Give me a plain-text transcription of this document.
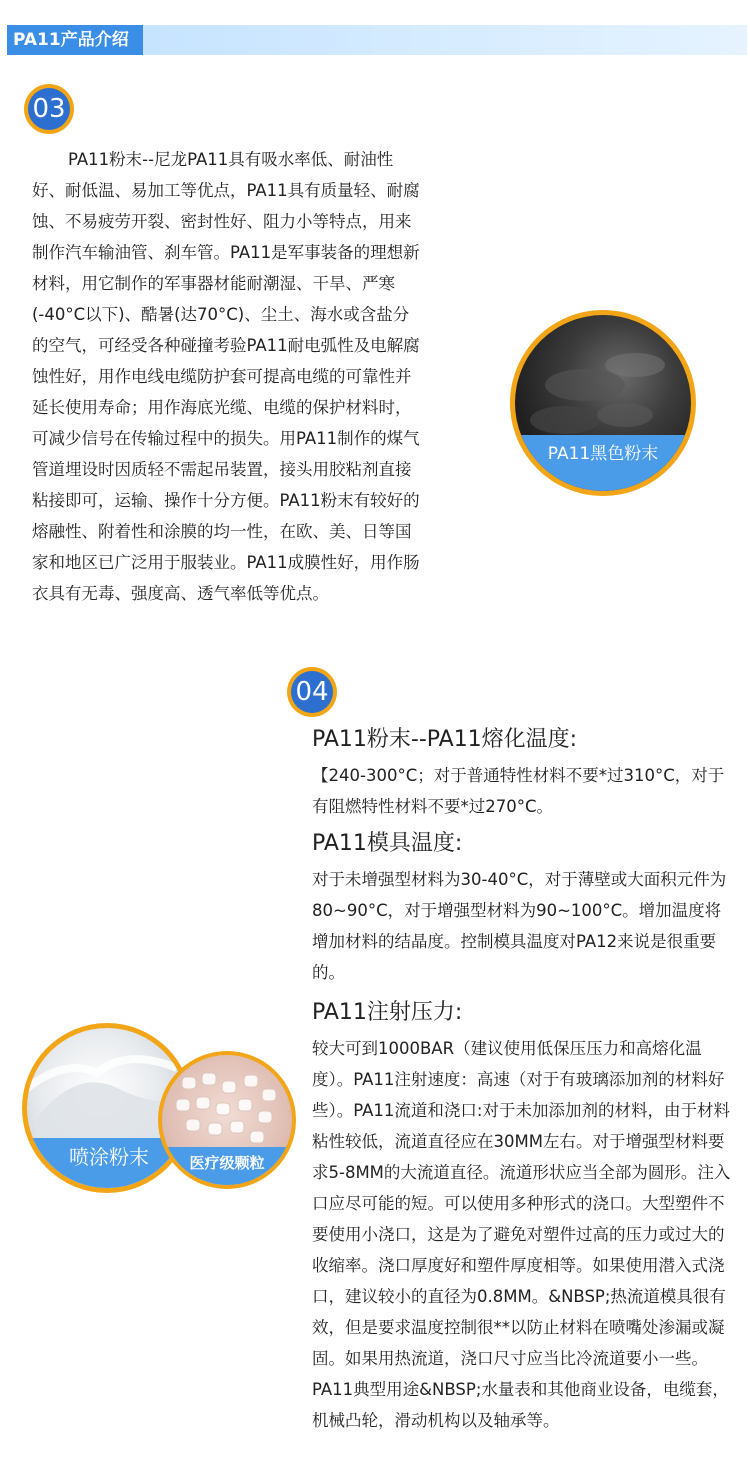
PA11产品介绍
03

PA11粉末--尼龙PA11具有吸水率低、耐油性好、耐低温、易加工等优点，PA11具有质量轻、耐腐蚀、不易疲劳开裂、密封性好、阻力小等特点，用来制作汽车输油管、刹车管。PA11是军事装备的理想新材料，用它制作的军事器材能耐潮湿、干旱、严寒(-40°C以下)、酷暑(达70°C)、尘土、海水或含盐分的空气，可经受各种碰撞考验PA11耐电弧性及电解腐蚀性好，用作电线电缆防护套可提高电缆的可靠性并延长使用寿命；用作海底光缆、电缆的保护材料时，可减少信号在传输过程中的损失。用PA11制作的煤气管道埋设时因质轻不需起吊装置，接头用胶粘剂直接粘接即可，运输、操作十分方便。PA11粉末有较好的熔融性、附着性和涂膜的均一性，在欧、美、日等国家和地区已广泛用于服装业。PA11成膜性好，用作肠衣具有无毒、强度高、透气率低等优点。

PA11黑色粉末
04
PA11粉末--PA11熔化温度:
【240-300°C；对于普通特性材料不要*过310°C，对于有阻燃特性材料不要*过270°C。
PA11模具温度:
对于未增强型材料为30-40°C，对于薄壁或大面积元件为80~90°C，对于增强型材料为90~100°C。增加温度将增加材料的结晶度。控制模具温度对PA12来说是很重要的。
PA11注射压力:
较大可到1000BAR（建议使用低保压压力和高熔化温度）。PA11注射速度：高速（对于有玻璃添加剂的材料好些）。PA11流道和浇口:对于未加添加剂的材料，由于材料粘性较低，流道直径应在30MM左右。对于增强型材料要求5-8MM的大流道直径。流道形状应当全部为圆形。注入口应尽可能的短。可以使用多种形式的浇口。大型塑件不要使用小浇口，这是为了避免对塑件过高的压力或过大的收缩率。浇口厚度好和塑件厚度相等。如果使用潜入式浇口，建议较小的直径为0.8MM。&NBSP;热流道模具很有效，但是要求温度控制很**以防止材料在喷嘴处渗漏或凝固。如果用热流道，浇口尺寸应当比冷流道要小一些。PA11典型用途&NBSP;水量表和其他商业设备，电缆套，机械凸轮，滑动机构以及轴承等。
喷涂粉末	医疗级颗粒
